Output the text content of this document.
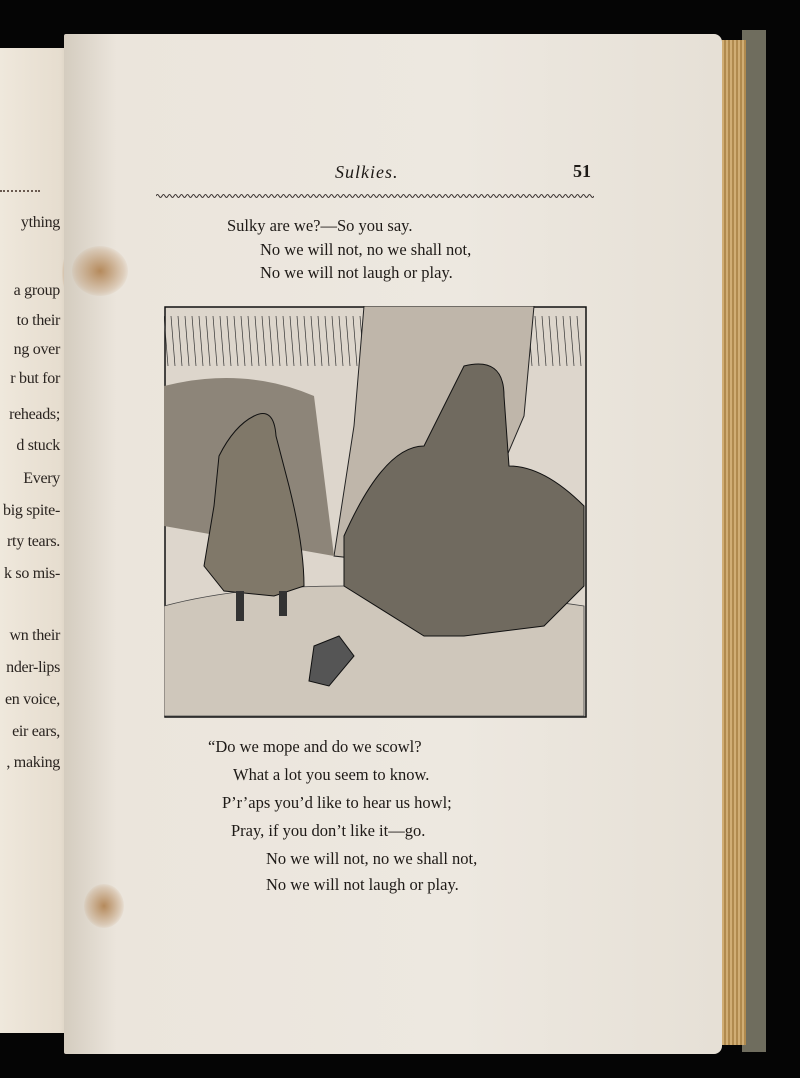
ything
a group
to their
ng over
r but for
reheads;
d stuck
Every
big spite-
rty tears.
k so mis-
wn their
nder-lips
en voice,
eir ears,
, making
Sulkies.	51
Sulky are we?—So you say.
No we will not, no we shall not,
No we will not laugh or play.
“Do we mope and do we scowl?
What a lot you seem to know.
P’r’aps you’d like to hear us howl;
Pray, if you don’t like it—go.
No we will not, no we shall not,
No we will not laugh or play.
